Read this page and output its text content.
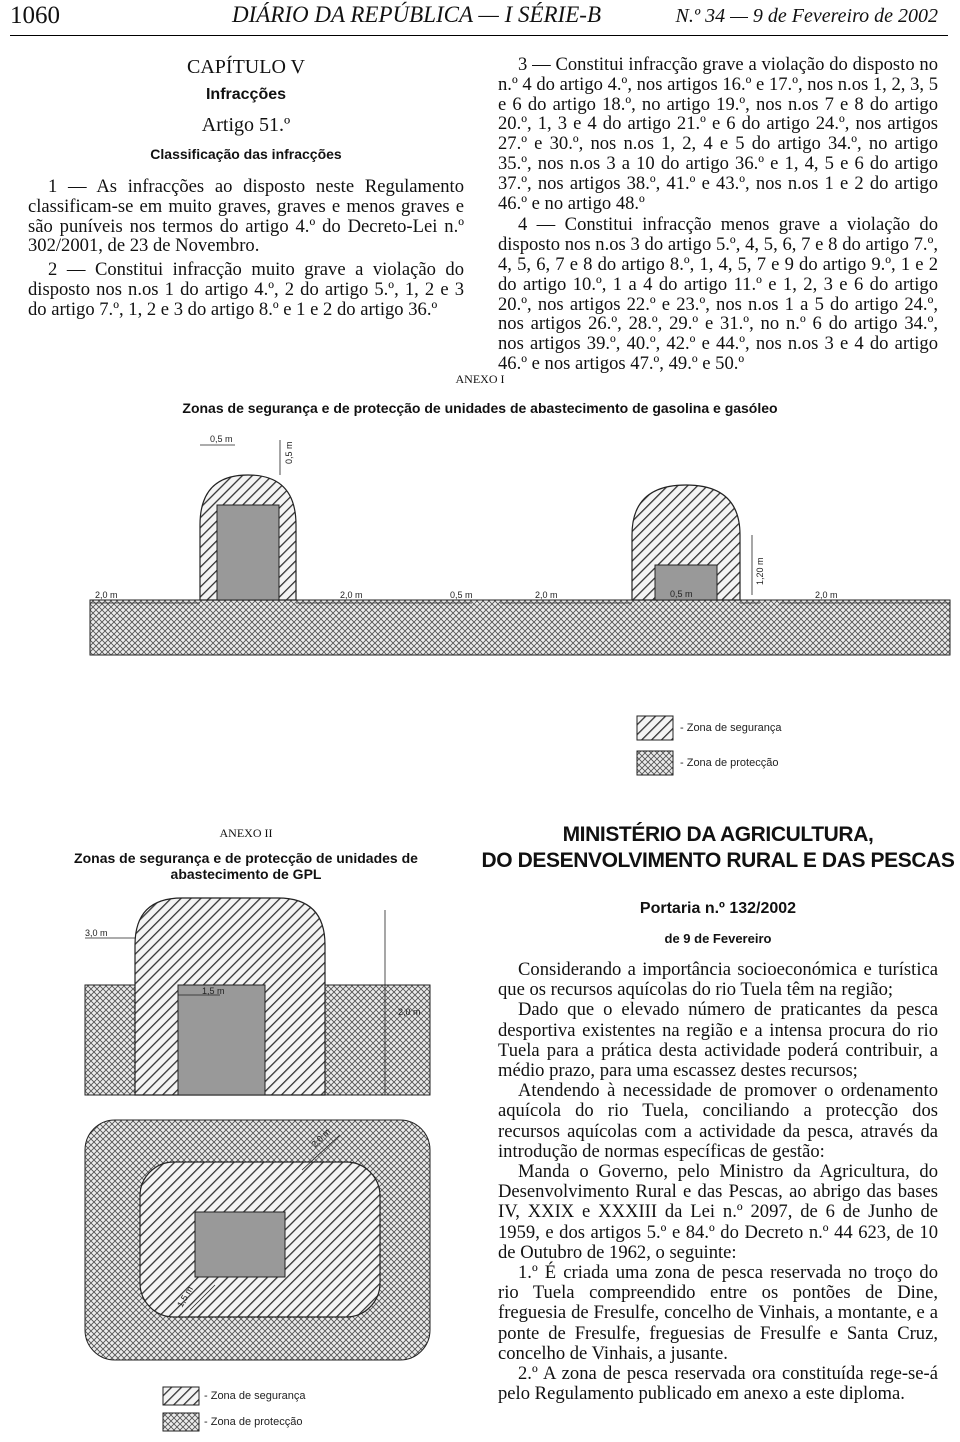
1060	DIÁRIO DA REPÚBLICA — I SÉRIE-B	N.º 34 — 9 de Fevereiro de 2002

CAPÍTULO V

Infracções

Artigo 51.º

Classificação das infracções

1 — As infracções ao disposto neste Regulamento classificam-se em muito graves, graves e menos graves e são puníveis nos termos do artigo 4.º do Decreto-Lei n.º 302/2001, de 23 de Novembro.

2 — Constitui infracção muito grave a violação do disposto nos n.os 1 do artigo 4.º, 2 do artigo 5.º, 1, 2 e 3 do artigo 7.º, 1, 2 e 3 do artigo 8.º e 1 e 2 do artigo 36.º

3 — Constitui infracção grave a violação do disposto no n.º 4 do artigo 4.º, nos artigos 16.º e 17.º, nos n.os 1, 2, 3, 5 e 6 do artigo 18.º, no artigo 19.º, nos n.os 7 e 8 do artigo 20.º, 1, 3 e 4 do artigo 21.º e 6 do artigo 24.º, nos artigos 27.º e 30.º, nos n.os 1, 2, 4 e 5 do artigo 34.º, no artigo 35.º, nos n.os 3 a 10 do artigo 36.º e 1, 4, 5 e 6 do artigo 37.º, nos artigos 38.º, 41.º e 43.º, nos n.os 1 e 2 do artigo 46.º e no artigo 48.º

4 — Constitui infracção menos grave a violação do disposto nos n.os 3 do artigo 5.º, 4, 5, 6, 7 e 8 do artigo 7.º, 4, 5, 6, 7 e 8 do artigo 8.º, 1, 4, 5, 7 e 9 do artigo 9.º, 1 e 2 do artigo 10.º, 1 a 4 do artigo 11.º e 1, 2, 3 e 6 do artigo 20.º, nos artigos 22.º e 23.º, nos n.os 1 a 5 do artigo 24.º, nos artigos 26.º, 28.º, 29.º e 31.º, no n.º 6 do artigo 34.º, nos artigos 39.º, 40.º, 42.º e 44.º, nos n.os 3 e 4 do artigo 46.º e nos artigos 47.º, 49.º e 50.º

ANEXO I
Zonas de segurança e de protecção de unidades de abastecimento de gasolina e gasóleo
0,5 m
0,5 m
2,0 m	2,0 m	0,5 m	2,0 m	0,5 m
1,20 m
2,0 m
- Zona de segurança
- Zona de protecção
ANEXO II
Zonas de segurança e de protecção de unidades de abastecimento de GPL
3,0 m
1,5 m
2,0 m
2,0 m
1,5 m
- Zona de segurança
- Zona de protecção
MINISTÉRIO DA AGRICULTURA,
DO DESENVOLVIMENTO RURAL E DAS PESCAS
Portaria n.º 132/2002
de 9 de Fevereiro

Considerando a importância socioeconómica e turística que os recursos aquícolas do rio Tuela têm na região;

Dado que o elevado número de praticantes da pesca desportiva existentes na região e a intensa procura do rio Tuela para a prática desta actividade poderá contribuir, a médio prazo, para uma escassez destes recursos;

Atendendo à necessidade de promover o ordenamento aquícola do rio Tuela, conciliando a protecção dos recursos aquícolas com a actividade da pesca, através da introdução de normas específicas de gestão:

Manda o Governo, pelo Ministro da Agricultura, do Desenvolvimento Rural e das Pescas, ao abrigo das bases IV, XXIX e XXXIII da Lei n.º 2097, de 6 de Junho de 1959, e dos artigos 5.º e 84.º do Decreto n.º 44 623, de 10 de Outubro de 1962, o seguinte:

1.º É criada uma zona de pesca reservada no troço do rio Tuela compreendido entre os pontões de Dine, freguesia de Fresulfe, concelho de Vinhais, a montante, e a ponte de Fresulfe, freguesias de Fresulfe e Santa Cruz, concelho de Vinhais, a jusante.

2.º A zona de pesca reservada ora constituída rege-se-á pelo Regulamento publicado em anexo a este diploma.
